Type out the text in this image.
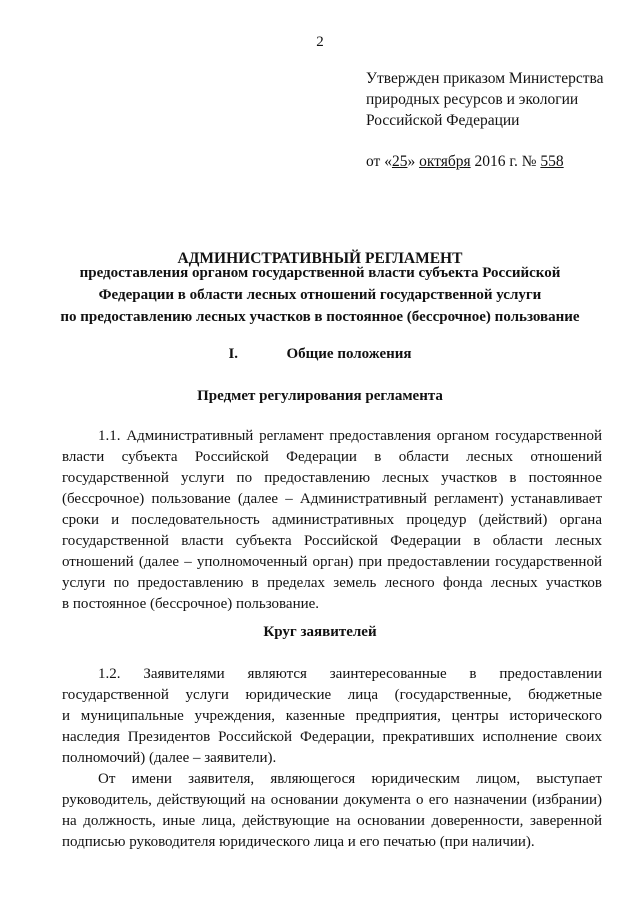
2
Утвержден приказом Министерства
природных ресурсов и экологии
Российской Федерации
от «25» октября 2016 г. № 558
АДМИНИСТРАТИВНЫЙ РЕГЛАМЕНТ
предоставления органом государственной власти субъекта Российской
Федерации в области лесных отношений государственной услуги
по предоставлению лесных участков в постоянное (бессрочное) пользование
I.	Общие положения
Предмет регулирования регламента
1.1. Административный регламент предоставления органом государственной
власти субъекта Российской Федерации в области лесных отношений
государственной услуги по предоставлению лесных участков в постоянное
(бессрочное) пользование (далее – Административный регламент) устанавливает
сроки и последовательность административных процедур (действий) органа
государственной власти субъекта Российской Федерации в области лесных
отношений (далее – уполномоченный орган) при предоставлении государственной
услуги по предоставлению в пределах земель лесного фонда лесных участков
в постоянное (бессрочное) пользование.
Круг заявителей
1.2. Заявителями являются заинтересованные в предоставлении
государственной услуги юридические лица (государственные, бюджетные
и муниципальные учреждения, казенные предприятия, центры исторического
наследия Президентов Российской Федерации, прекративших исполнение своих
полномочий) (далее – заявители).
От имени заявителя, являющегося юридическим лицом, выступает
руководитель, действующий на основании документа о его назначении (избрании)
на должность, иные лица, действующие на основании доверенности, заверенной
подписью руководителя юридического лица и его печатью (при наличии).
